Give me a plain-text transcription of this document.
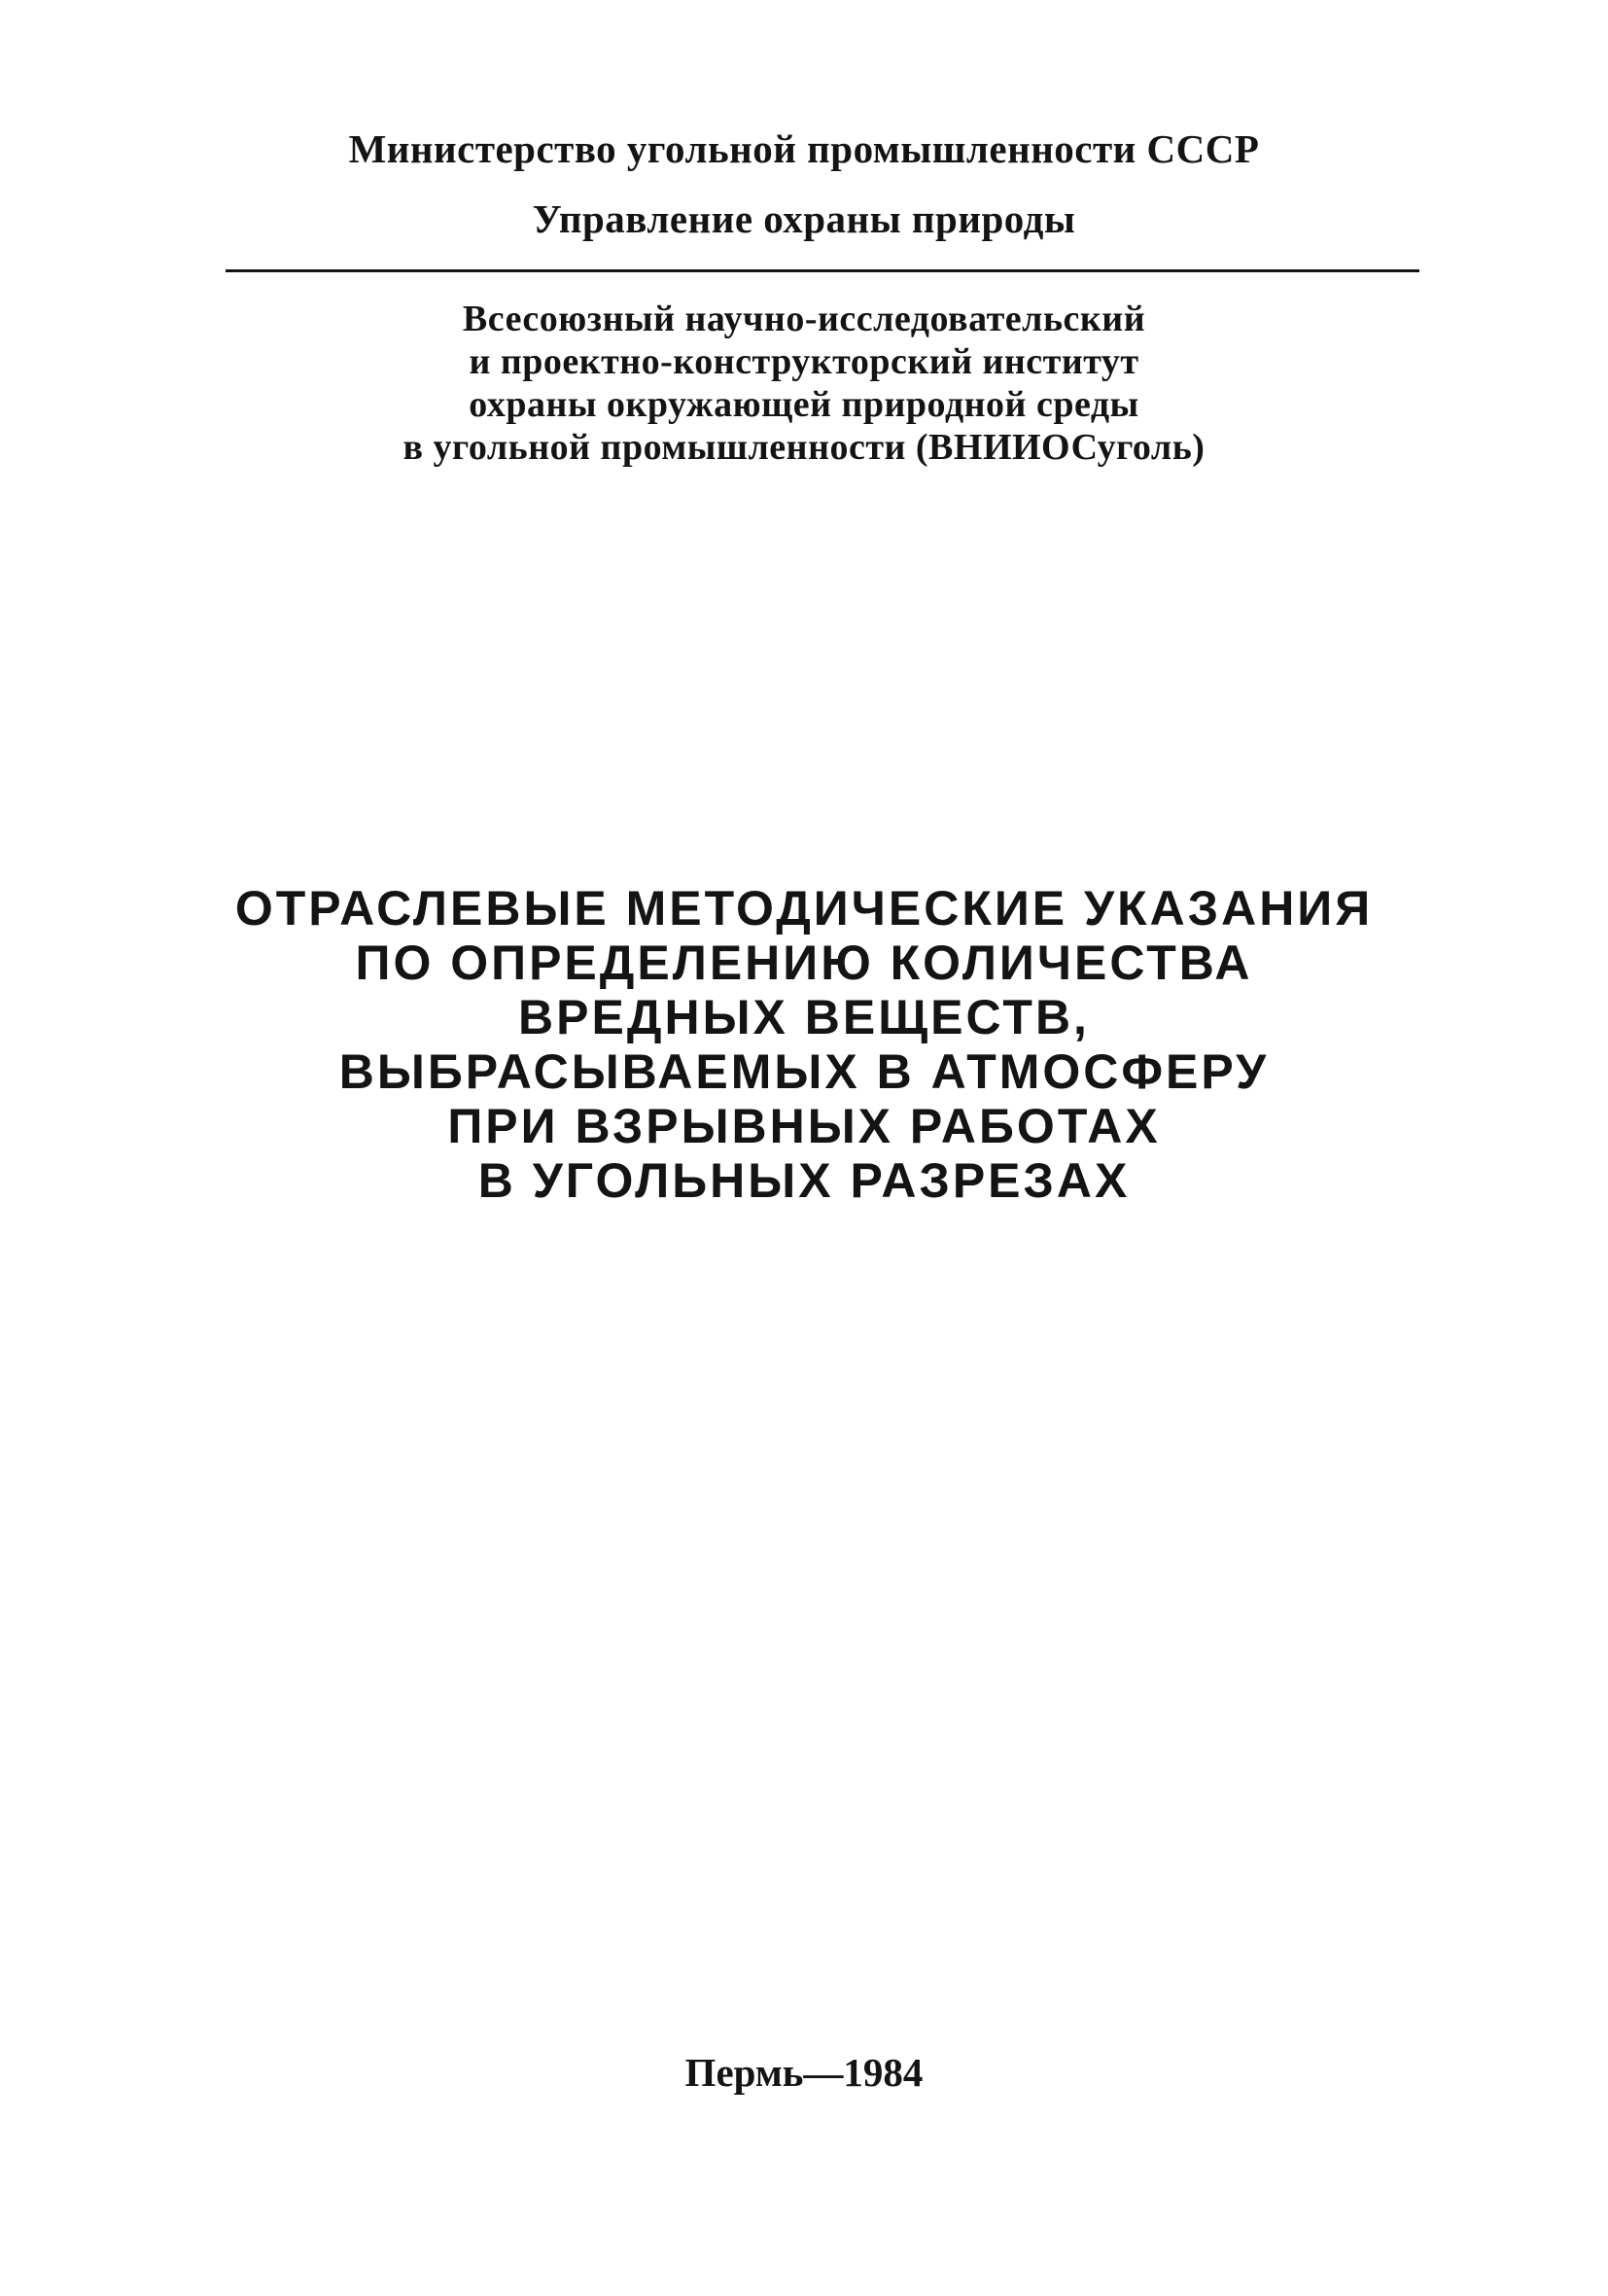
Министерство угольной промышленности СССР
Управление охраны природы
Всесоюзный научно-исследовательский
и проектно-конструкторский институт
охраны окружающей природной среды
в угольной промышленности (ВНИИОСуголь)
ОТРАСЛЕВЫЕ МЕТОДИЧЕСКИЕ УКАЗАНИЯ
ПО ОПРЕДЕЛЕНИЮ КОЛИЧЕСТВА
ВРЕДНЫХ ВЕЩЕСТВ,
ВЫБРАСЫВАЕМЫХ В АТМОСФЕРУ
ПРИ ВЗРЫВНЫХ РАБОТАХ
В УГОЛЬНЫХ РАЗРЕЗАХ
Пермь—1984
